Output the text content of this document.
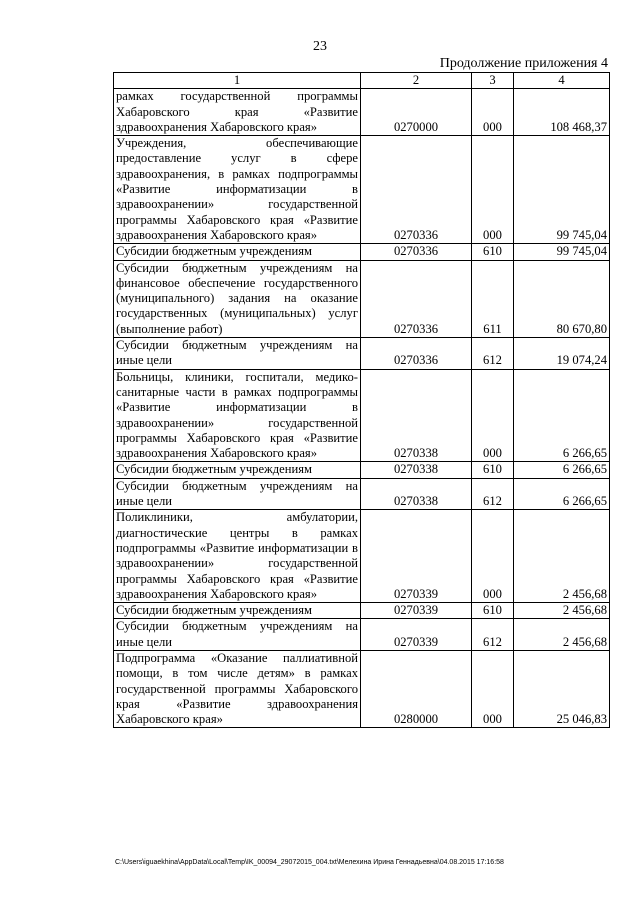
23
Продолжение приложения 4
1	2	3	4
рамках государственной программы Хабаровского края «Развитие здравоохранения Хабаровского края»	0270000	000	108 468,37
Учреждения, обеспечивающие предоставление услуг в сфере здравоохранения, в рамках подпрограммы «Развитие информатизации в здравоохранении» государственной программы Хабаровского края «Развитие здравоохранения Хабаровского края»	0270336	000	99 745,04
Субсидии бюджетным учреждениям	0270336	610	99 745,04
Субсидии бюджетным учреждениям на финансовое обеспечение государственного (муниципального) задания на оказание государственных (муниципальных) услуг (выполнение работ)	0270336	611	80 670,80
Субсидии бюджетным учреждениям на иные цели	0270336	612	19 074,24
Больницы, клиники, госпитали, медико-санитарные части в рамках подпрограммы «Развитие информатизации в здравоохранении» государственной программы Хабаровского края «Развитие здравоохранения Хабаровского края»	0270338	000	6 266,65
Субсидии бюджетным учреждениям	0270338	610	6 266,65
Субсидии бюджетным учреждениям на иные цели	0270338	612	6 266,65
Поликлиники, амбулатории, диагностические центры в рамках подпрограммы «Развитие информатизации в здравоохранении» государственной программы Хабаровского края «Развитие здравоохранения Хабаровского края»	0270339	000	2 456,68
Субсидии бюджетным учреждениям	0270339	610	2 456,68
Субсидии бюджетным учреждениям на иные цели	0270339	612	2 456,68
Подпрограмма «Оказание паллиативной помощи, в том числе детям» в рамках государственной программы Хабаровского края «Развитие здравоохранения Хабаровского края»	0280000	000	25 046,83
C:\Users\iguaekhina\AppData\Local\Temp\IK_00094_29072015_004.txt\Мелехина Ирина Геннадьевна\04.08.2015 17:16:58
